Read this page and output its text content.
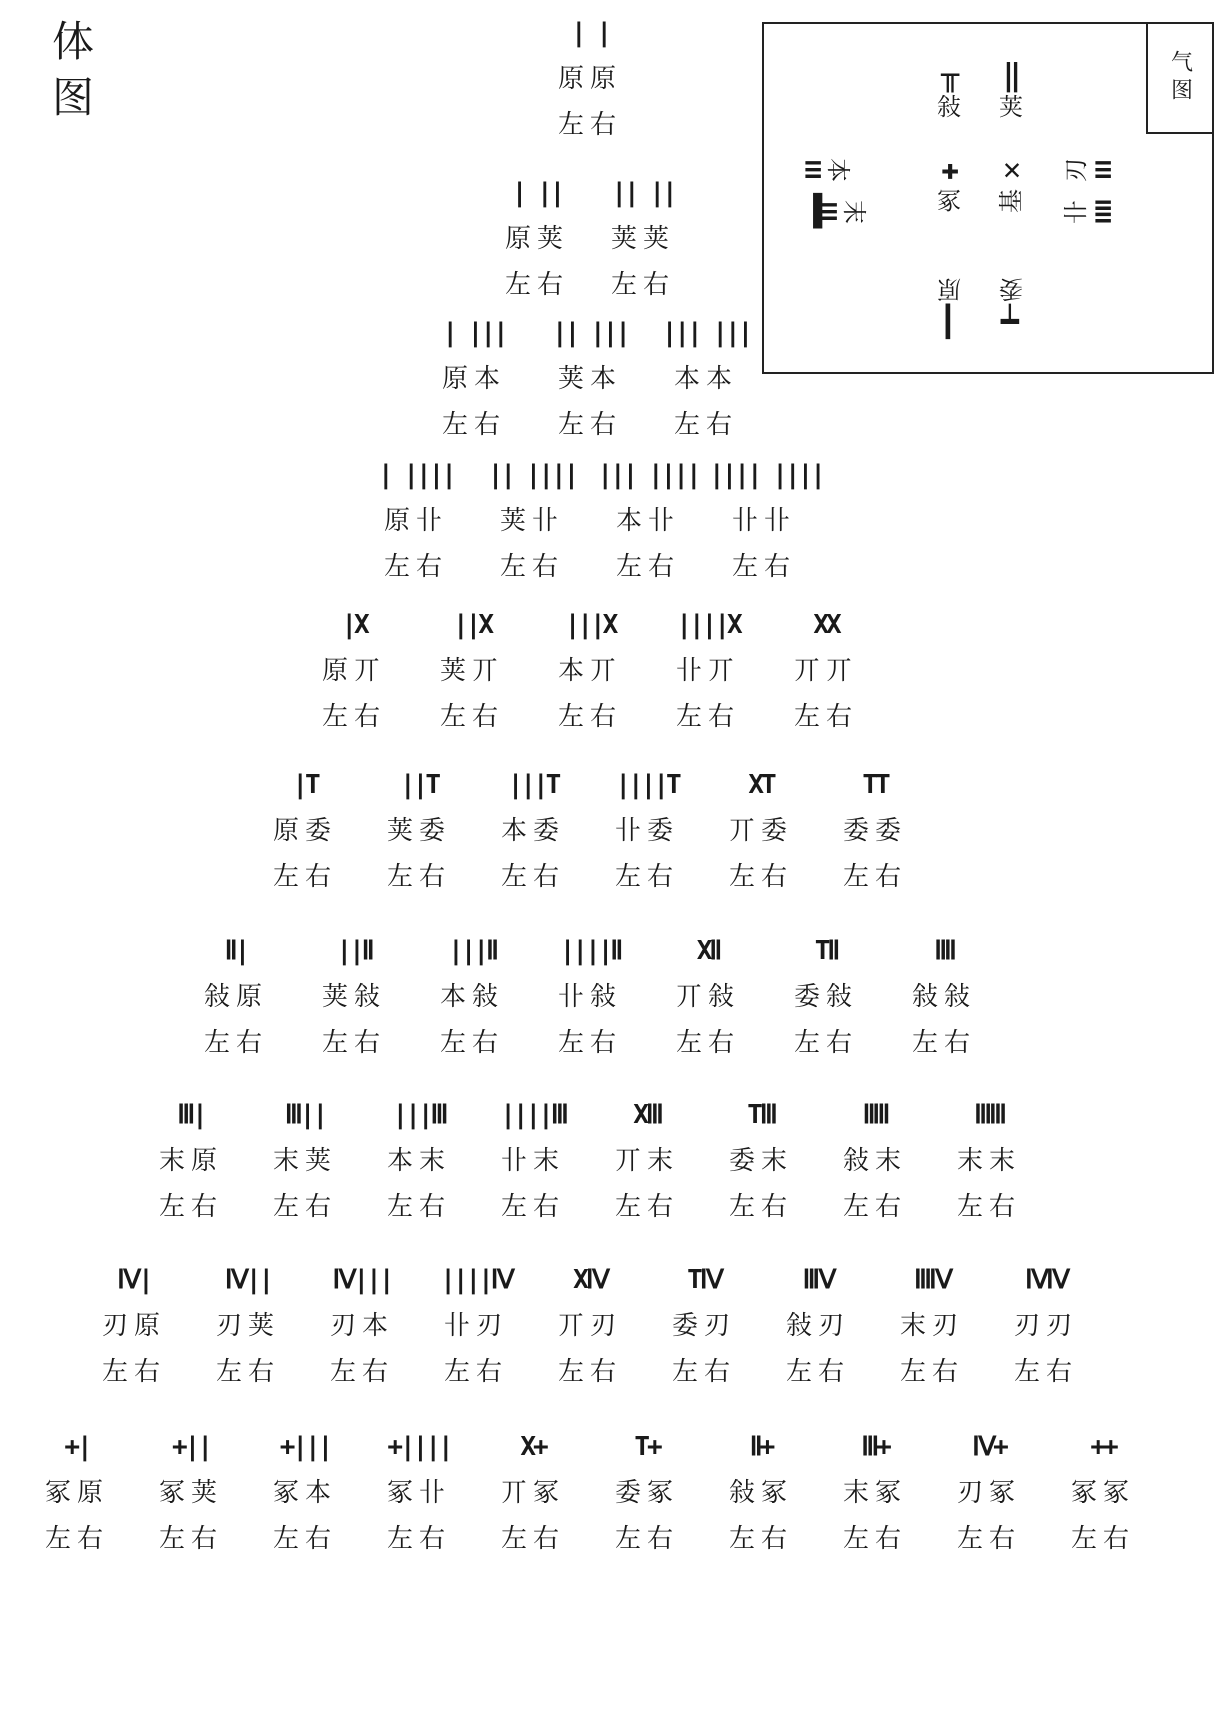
体
图	气图
╥
敍
‖
荚
≡ 本
▐≡ 末
✚
冢
✕
基
刃 ≡
卝 ≣
┃
原
┯
委
| |
原原
左右
| ||
原荚
左右
|| ||
荚荚
左右
| |||
原本
左右
|| |||
荚本
左右
||| |||
本本
左右
| ||||
原卝
左右
|| ||||
荚卝
左右
||| ||||
本卝
左右
|||| ||||
卝卝
左右
|X
原丌
左右
||X
荚丌
左右
|||X
本丌
左右
||||X
卝丌
左右
XX
丌丌
左右
|T
原委
左右
||T
荚委
左右
|||T
本委
左右
||||T
卝委
左右
XT
丌委
左右
TT
委委
左右
Ⅱ|
敍原
左右
||Ⅱ
荚敍
左右
|||Ⅱ
本敍
左右
||||Ⅱ
卝敍
左右
XⅡ
丌敍
左右
TⅡ
委敍
左右
ⅡⅡ
敍敍
左右
Ⅲ|
末原
左右
Ⅲ||
末荚
左右
|||Ⅲ
本末
左右
||||Ⅲ
卝末
左右
XⅢ
丌末
左右
TⅢ
委末
左右
ⅡⅢ
敍末
左右
ⅢⅢ
末末
左右
Ⅳ|
刃原
左右
Ⅳ||
刃荚
左右
Ⅳ|||
刃本
左右
||||Ⅳ
卝刃
左右
XⅣ
丌刃
左右
TⅣ
委刃
左右
ⅡⅣ
敍刃
左右
ⅢⅣ
末刃
左右
ⅣⅣ
刃刃
左右
+|
冢原
左右
+||
冢荚
左右
+|||
冢本
左右
+||||
冢卝
左右
X+
丌冢
左右
T+
委冢
左右
Ⅱ+
敍冢
左右
Ⅲ+
末冢
左右
Ⅳ+
刃冢
左右
++
冢冢
左右
